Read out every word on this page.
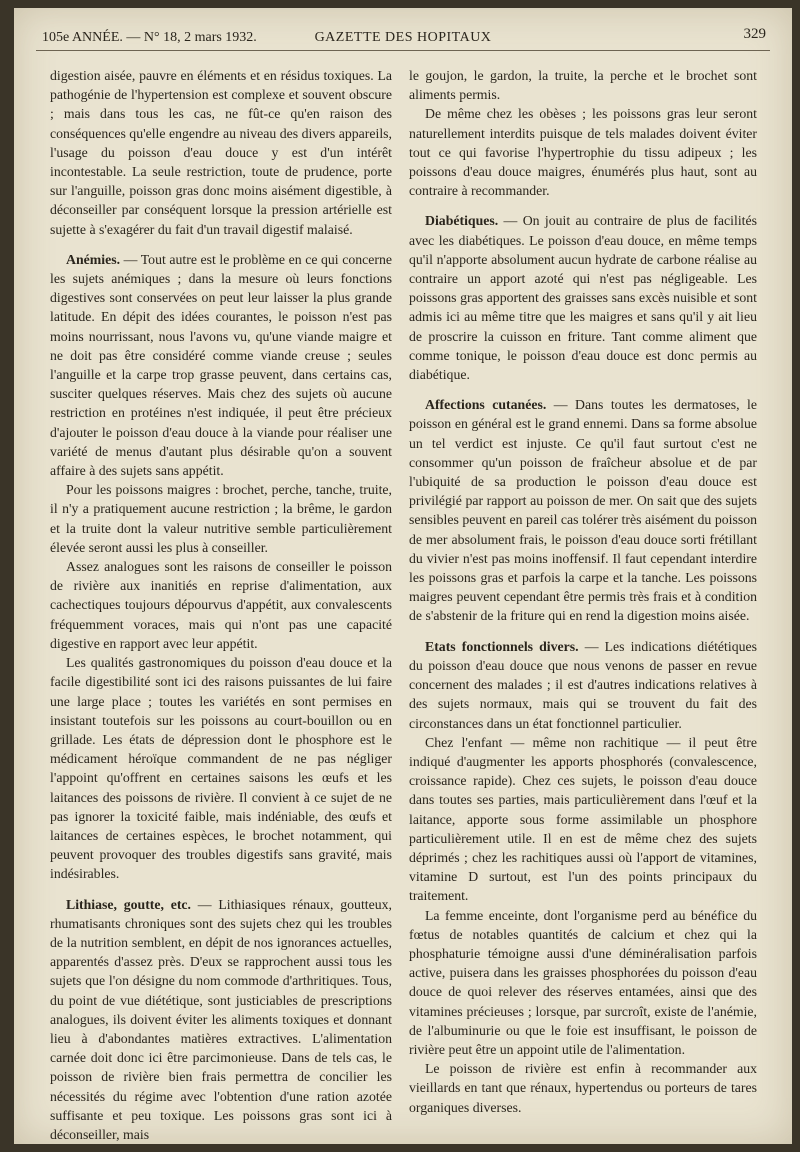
105e ANNÉE. — N° 18, 2 mars 1932.	GAZETTE DES HOPITAUX	329

digestion aisée, pauvre en éléments et en résidus toxiques. La pathogénie de l'hypertension est complexe et souvent obscure ; mais dans tous les cas, ne fût-ce qu'en raison des conséquences qu'elle engendre au niveau des divers appareils, l'usage du poisson d'eau douce y est d'un intérêt incontestable. La seule restriction, toute de prudence, porte sur l'anguille, poisson gras donc moins aisément digestible, à déconseiller par conséquent lorsque la pression artérielle est sujette à s'exagérer du fait d'un travail digestif malaisé.

Anémies. — Tout autre est le problème en ce qui concerne les sujets anémiques ; dans la mesure où leurs fonctions digestives sont conservées on peut leur laisser la plus grande latitude. En dépit des idées courantes, le poisson n'est pas moins nourrissant, nous l'avons vu, qu'une viande maigre et ne doit pas être considéré comme viande creuse ; seules l'anguille et la carpe trop grasse peuvent, dans certains cas, susciter quelques réserves. Mais chez des sujets où aucune restriction en protéines n'est indiquée, il peut être précieux d'ajouter le poisson d'eau douce à la viande pour réaliser une variété de menus d'autant plus désirable qu'on a souvent affaire à des sujets sans appétit.

Pour les poissons maigres : brochet, perche, tanche, truite, il n'y a pratiquement aucune restriction ; la brême, le gardon et la truite dont la valeur nutritive semble particulièrement élevée seront aussi les plus à conseiller.

Assez analogues sont les raisons de conseiller le poisson de rivière aux inanitiés en reprise d'alimentation, aux cachectiques toujours dépourvus d'appétit, aux convalescents fréquemment voraces, mais qui n'ont pas une capacité digestive en rapport avec leur appétit.

Les qualités gastronomiques du poisson d'eau douce et la facile digestibilité sont ici des raisons puissantes de lui faire une large place ; toutes les variétés en sont permises en insistant toutefois sur les poissons au court-bouillon ou en grillade. Les états de dépression dont le phosphore est le médicament héroïque commandent de ne pas négliger l'appoint qu'offrent en certaines saisons les œufs et les laitances des poissons de rivière. Il convient à ce sujet de ne pas ignorer la toxicité faible, mais indéniable, des œufs et laitances de certaines espèces, le brochet notamment, qui peuvent provoquer des troubles digestifs sans gravité, mais indésirables.

Lithiase, goutte, etc. — Lithiasiques rénaux, goutteux, rhumatisants chroniques sont des sujets chez qui les troubles de la nutrition semblent, en dépit de nos ignorances actuelles, apparentés d'assez près. D'eux se rapprochent aussi tous les sujets que l'on désigne du nom commode d'arthritiques. Tous, du point de vue diététique, sont justiciables de prescriptions analogues, ils doivent éviter les aliments toxiques et donnant lieu à d'abondantes matières extractives. L'alimentation carnée doit donc ici être parcimonieuse. Dans de tels cas, le poisson de rivière bien frais permettra de concilier les nécessités du régime avec l'obtention d'une ration azotée suffisante et peu toxique. Les poissons gras sont ici à déconseiller, mais

le goujon, le gardon, la truite, la perche et le brochet sont aliments permis.

De même chez les obèses ; les poissons gras leur seront naturellement interdits puisque de tels malades doivent éviter tout ce qui favorise l'hypertrophie du tissu adipeux ; les poissons d'eau douce maigres, énumérés plus haut, sont au contraire à recommander.

Diabétiques. — On jouit au contraire de plus de facilités avec les diabétiques. Le poisson d'eau douce, en même temps qu'il n'apporte absolument aucun hydrate de carbone réalise au contraire un apport azoté qui n'est pas négligeable. Les poissons gras apportent des graisses sans excès nuisible et sont admis ici au même titre que les maigres et sans qu'il y ait lieu de proscrire la cuisson en friture. Tant comme aliment que comme tonique, le poisson d'eau douce est donc permis au diabétique.

Affections cutanées. — Dans toutes les dermatoses, le poisson en général est le grand ennemi. Dans sa forme absolue un tel verdict est injuste. Ce qu'il faut surtout c'est ne consommer qu'un poisson de fraîcheur absolue et de par l'ubiquité de sa production le poisson d'eau douce est privilégié par rapport au poisson de mer. On sait que des sujets sensibles peuvent en pareil cas tolérer très aisément du poisson de mer absolument frais, le poisson d'eau douce sorti frétillant du vivier n'est pas moins inoffensif. Il faut cependant interdire les poissons gras et parfois la carpe et la tanche. Les poissons maigres peuvent cependant être permis très frais et à condition de s'abstenir de la friture qui en rend la digestion moins aisée.

Etats fonctionnels divers. — Les indications diététiques du poisson d'eau douce que nous venons de passer en revue concernent des malades ; il est d'autres indications relatives à des sujets normaux, mais qui se trouvent du fait des circonstances dans un état fonctionnel particulier.

Chez l'enfant — même non rachitique — il peut être indiqué d'augmenter les apports phosphorés (convalescence, croissance rapide). Chez ces sujets, le poisson d'eau douce dans toutes ses parties, mais particulièrement dans l'œuf et la laitance, apporte sous forme assimilable un phosphore particulièrement utile. Il en est de même chez des sujets déprimés ; chez les rachitiques aussi où l'apport de vitamines, vitamine D surtout, est l'un des points principaux du traitement.

La femme enceinte, dont l'organisme perd au bénéfice du fœtus de notables quantités de calcium et chez qui la phosphaturie témoigne aussi d'une déminéralisation parfois active, puisera dans les graisses phosphorées du poisson d'eau douce de quoi relever des réserves entamées, ainsi que des vitamines précieuses ; lorsque, par surcroît, existe de l'anémie, de l'albuminurie ou que le foie est insuffisant, le poisson de rivière peut être un appoint utile de l'alimentation.

Le poisson de rivière est enfin à recommander aux vieillards en tant que rénaux, hypertendus ou porteurs de tares organiques diverses.
